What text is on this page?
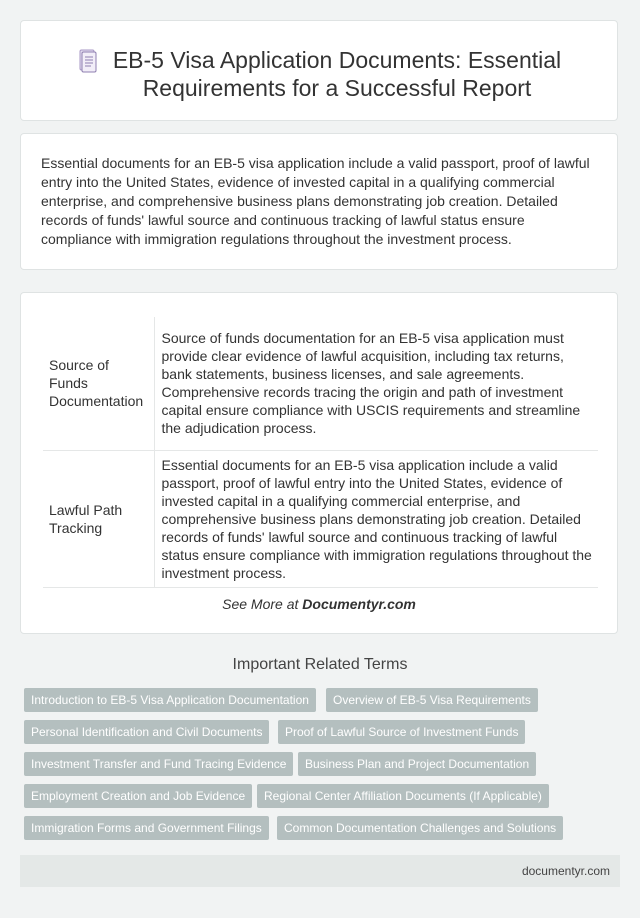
EB-5 Visa Application Documents: Essential
Requirements for a Successful Report

Essential documents for an EB-5 visa application include a valid passport, proof of lawful entry into the United States, evidence of invested capital in a qualifying commercial enterprise, and comprehensive business plans demonstrating job creation. Detailed records of funds' lawful source and continuous tracking of lawful status ensure compliance with immigration regulations throughout the investment process.

Source of Funds Documentation	Source of funds documentation for an EB-5 visa application must provide clear evidence of lawful acquisition, including tax returns, bank statements, business licenses, and sale agreements. Comprehensive records tracing the origin and path of investment capital ensure compliance with USCIS requirements and streamline the adjudication process.
Lawful Path Tracking	Essential documents for an EB-5 visa application include a valid passport, proof of lawful entry into the United States, evidence of invested capital in a qualifying commercial enterprise, and comprehensive business plans demonstrating job creation. Detailed records of funds' lawful source and continuous tracking of lawful status ensure compliance with immigration regulations throughout the investment process.
See More at Documentyr.com
Important Related Terms
Introduction to EB-5 Visa Application Documentation	Overview of EB-5 Visa Requirements
Personal Identification and Civil Documents	Proof of Lawful Source of Investment Funds
Investment Transfer and Fund Tracing Evidence	Business Plan and Project Documentation
Employment Creation and Job Evidence	Regional Center Affiliation Documents (If Applicable)
Immigration Forms and Government Filings	Common Documentation Challenges and Solutions
documentyr.com
